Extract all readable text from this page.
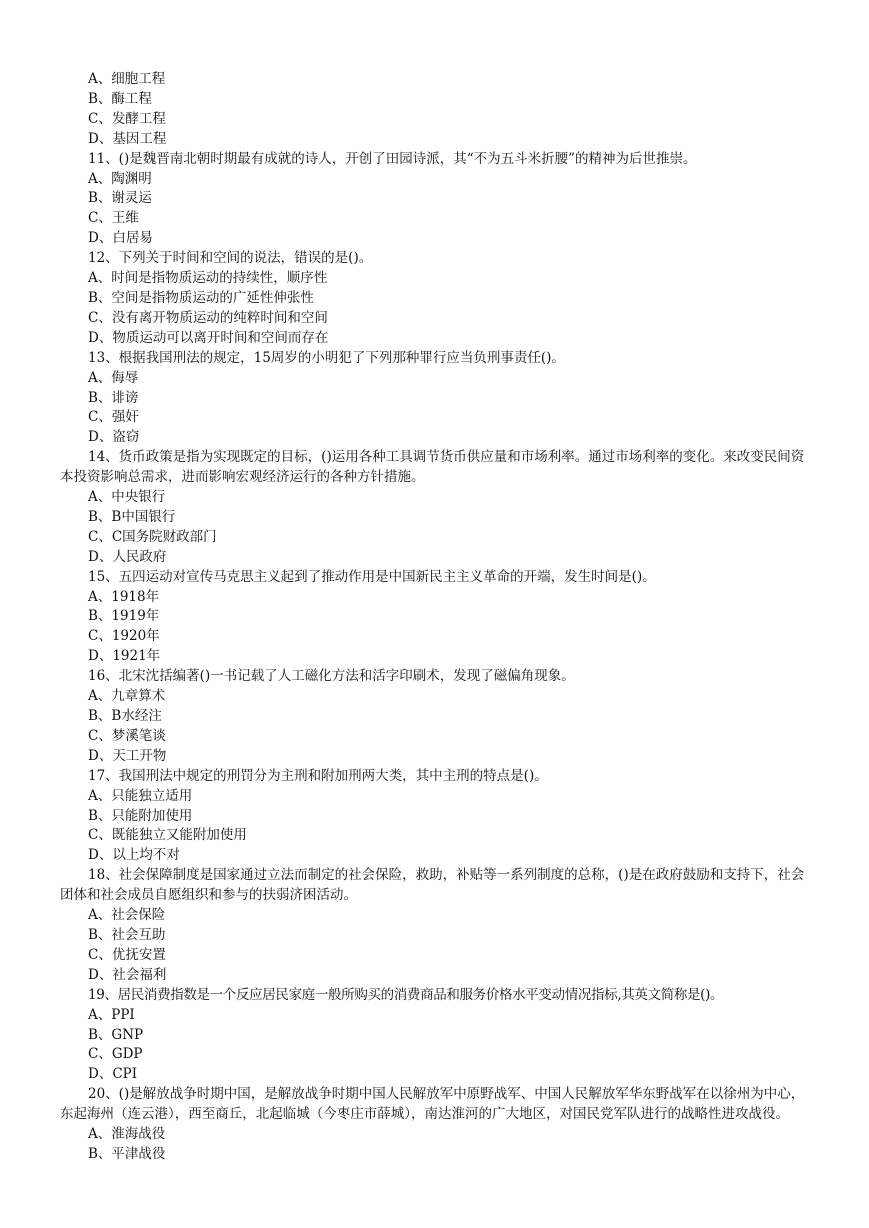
A、细胞工程
B、酶工程
C、发酵工程
D、基因工程
11、()是魏晋南北朝时期最有成就的诗人，开创了田园诗派，其“不为五斗米折腰”的精神为后世推崇。
A、陶渊明
B、谢灵运
C、王维
D、白居易
12、下列关于时间和空间的说法，错误的是()。
A、时间是指物质运动的持续性，顺序性
B、空间是指物质运动的广延性伸张性
C、没有离开物质运动的纯粹时间和空间
D、物质运动可以离开时间和空间而存在
13、根据我国刑法的规定，15周岁的小明犯了下列那种罪行应当负刑事责任()。
A、侮辱
B、诽谤
C、强奸
D、盗窃
14、货币政策是指为实现既定的目标，()运用各种工具调节货币供应量和市场利率。通过市场利率的变化。来改变民间资本投资影响总需求，进而影响宏观经济运行的各种方针措施。
A、中央银行
B、B中国银行
C、C国务院财政部门
D、人民政府
15、五四运动对宣传马克思主义起到了推动作用是中国新民主主义革命的开端，发生时间是()。
A、1918年
B、1919年
C、1920年
D、1921年
16、北宋沈括编著()一书记载了人工磁化方法和活字印刷术，发现了磁偏角现象。
A、九章算术
B、B水经注
C、梦溪笔谈
D、天工开物
17、我国刑法中规定的刑罚分为主刑和附加刑两大类，其中主刑的特点是()。
A、只能独立适用
B、只能附加使用
C、既能独立又能附加使用
D、以上均不对
18、社会保障制度是国家通过立法而制定的社会保险，救助，补贴等一系列制度的总称，()是在政府鼓励和支持下，社会团体和社会成员自愿组织和参与的扶弱济困活动。
A、社会保险
B、社会互助
C、优抚安置
D、社会福利
19、居民消费指数是一个反应居民家庭一般所购买的消费商品和服务价格水平变动情况指标,其英文简称是()。
A、PPI
B、GNP
C、GDP
D、CPI
20、()是解放战争时期中国，是解放战争时期中国人民解放军中原野战军、中国人民解放军华东野战军在以徐州为中心，东起海州（连云港），西至商丘，北起临城（今枣庄市薛城），南达淮河的广大地区，对国民党军队进行的战略性进攻战役。
A、淮海战役
B、平津战役
